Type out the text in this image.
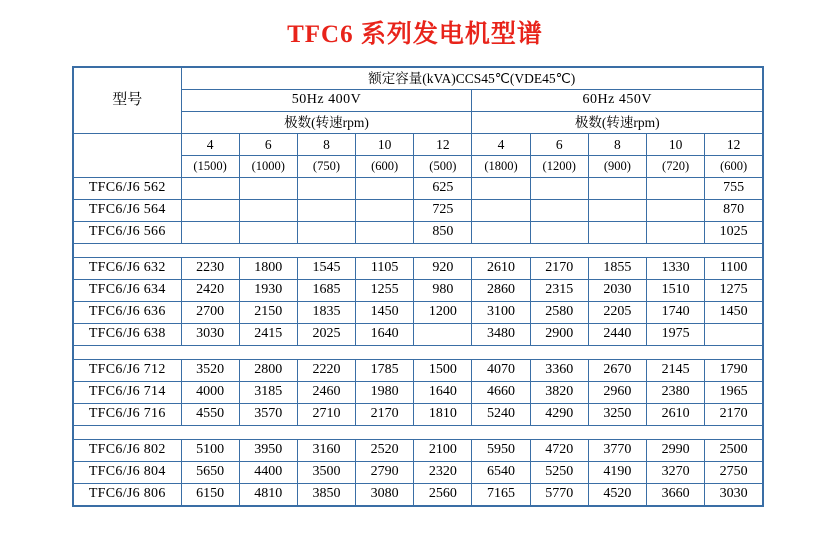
TFC6 系列发电机型谱
型号	额定容量(kVA)CCS45℃(VDE45℃)									
	50Hz 400V					60Hz 450V				
	极数(转速rpm)					极数(转速rpm)				
	4	6	8	10	12	4	6	8	10	12
	(1500)	(1000)	(750)	(600)	(500)	(1800)	(1200)	(900)	(720)	(600)
TFC6/J6 562					625					755
TFC6/J6 564					725					870
TFC6/J6 566					850					1025

TFC6/J6 632	2230	1800	1545	1105	920	2610	2170	1855	1330	1100
TFC6/J6 634	2420	1930	1685	1255	980	2860	2315	2030	1510	1275
TFC6/J6 636	2700	2150	1835	1450	1200	3100	2580	2205	1740	1450
TFC6/J6 638	3030	2415	2025	1640		3480	2900	2440	1975	

TFC6/J6 712	3520	2800	2220	1785	1500	4070	3360	2670	2145	1790
TFC6/J6 714	4000	3185	2460	1980	1640	4660	3820	2960	2380	1965
TFC6/J6 716	4550	3570	2710	2170	1810	5240	4290	3250	2610	2170

TFC6/J6 802	5100	3950	3160	2520	2100	5950	4720	3770	2990	2500
TFC6/J6 804	5650	4400	3500	2790	2320	6540	5250	4190	3270	2750
TFC6/J6 806	6150	4810	3850	3080	2560	7165	5770	4520	3660	3030
